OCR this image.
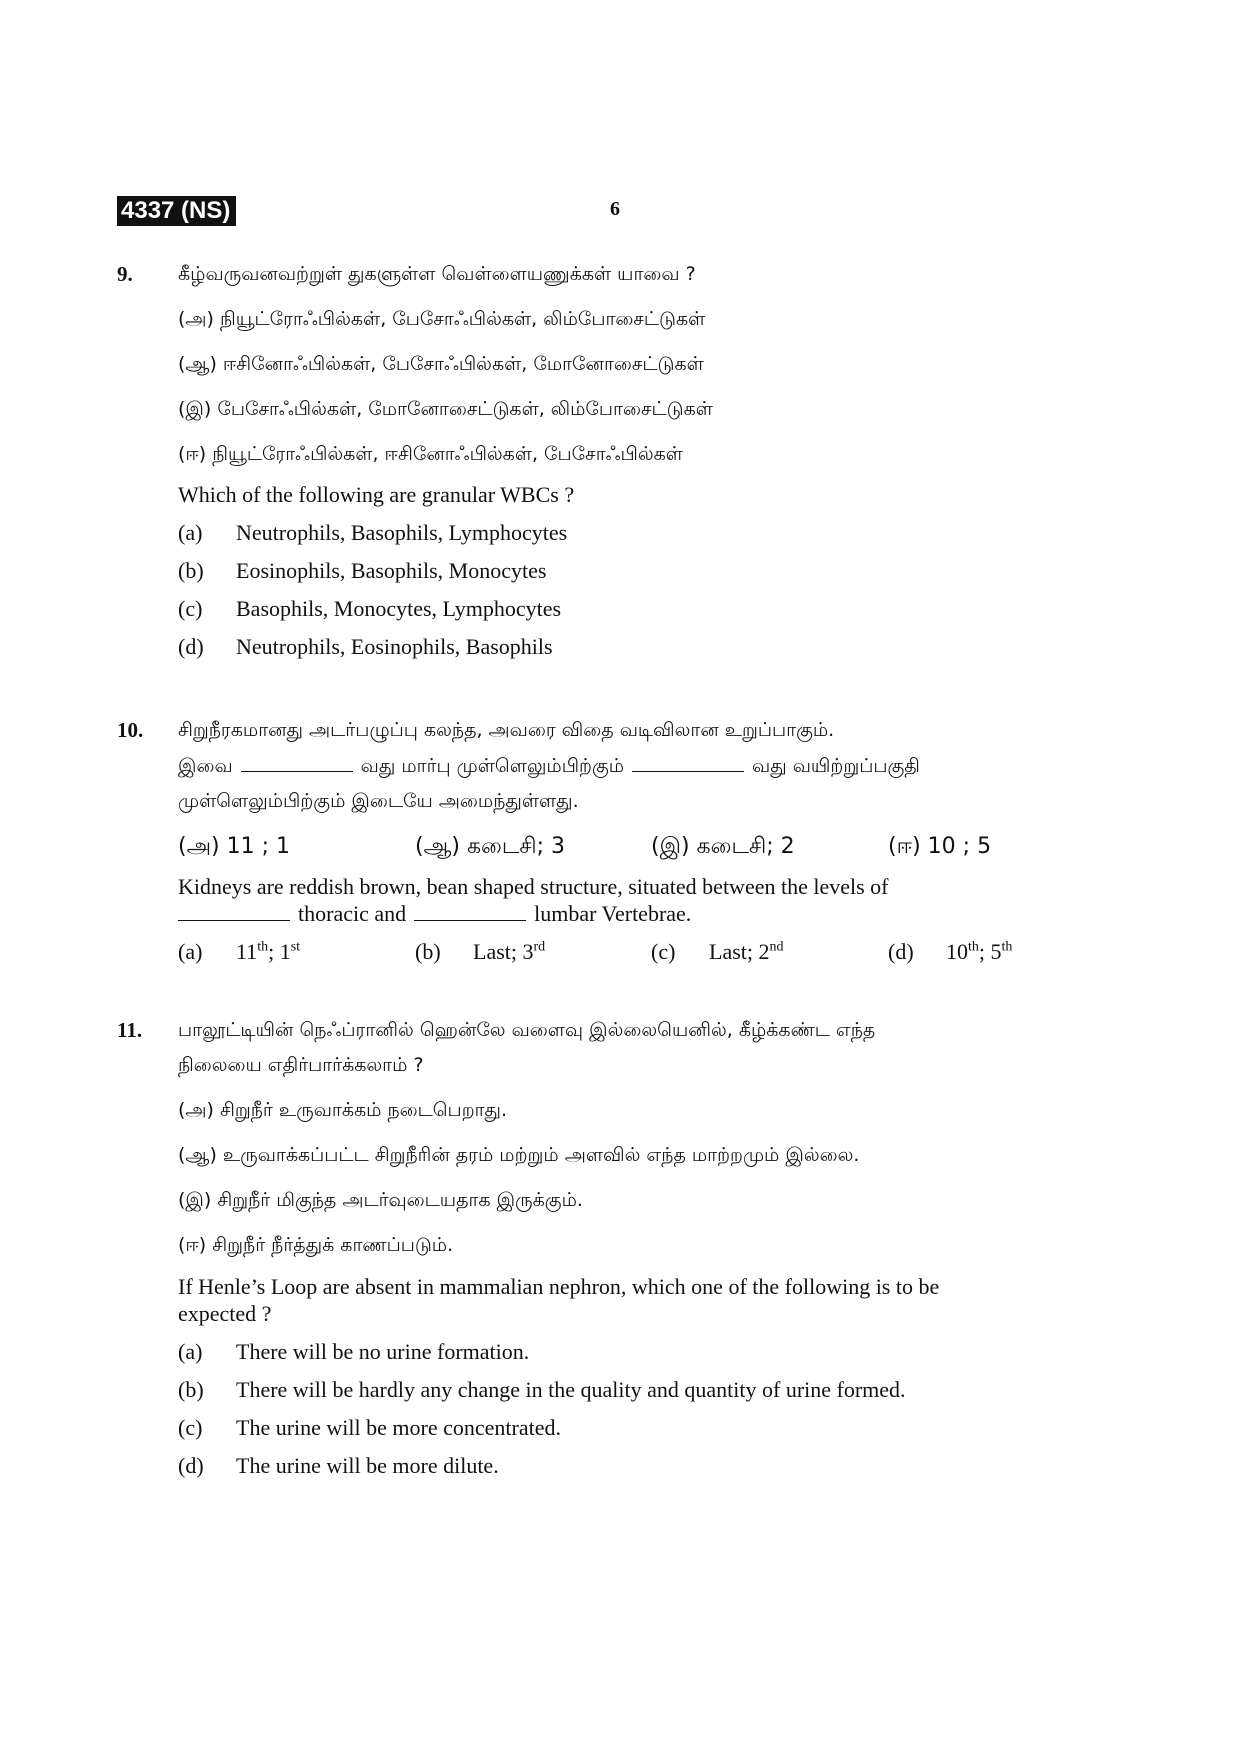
4337 (NS)	6
9. கீழ்வருவனவற்றுள் துகளுள்ள வெள்ளையணுக்கள் யாவை ?
(அ) நியூட்ரோஃபில்கள், பேசோஃபில்கள், லிம்போசைட்டுகள்
(ஆ) ஈசினோஃபில்கள், பேசோஃபில்கள், மோனோசைட்டுகள்
(இ) பேசோஃபில்கள், மோனோசைட்டுகள், லிம்போசைட்டுகள்
(ஈ) நியூட்ரோஃபில்கள், ஈசினோஃபில்கள், பேசோஃபில்கள்
Which of the following are granular WBCs ?
(a) Neutrophils, Basophils, Lymphocytes
(b) Eosinophils, Basophils, Monocytes
(c) Basophils, Monocytes, Lymphocytes
(d) Neutrophils, Eosinophils, Basophils
10. சிறுநீரகமானது அடர்பழுப்பு கலந்த, அவரை விதை வடிவிலான உறுப்பாகும்.
இவை	வது மார்பு முள்ளெலும்பிற்கும்	வது வயிற்றுப்பகுதி
முள்ளெலும்பிற்கும் இடையே அமைந்துள்ளது.
(அ) 11 ; 1	(ஆ) கடைசி; 3	(இ) கடைசி; 2	(ஈ) 10 ; 5
Kidneys are reddish brown, bean shaped structure, situated between the levels of
thoracic and	lumbar Vertebrae.
(a) 11th; 1st	(b) Last; 3rd	(c) Last; 2nd	(d) 10th; 5th
11. பாலூட்டியின் நெஃப்ரானில் ஹென்லே வளைவு இல்லையெனில், கீழ்க்கண்ட எந்த
நிலையை எதிர்பார்க்கலாம் ?
(அ) சிறுநீர் உருவாக்கம் நடைபெறாது.
(ஆ) உருவாக்கப்பட்ட சிறுநீரின் தரம் மற்றும் அளவில் எந்த மாற்றமும் இல்லை.
(இ) சிறுநீர் மிகுந்த அடர்வுடையதாக இருக்கும்.
(ஈ) சிறுநீர் நீர்த்துக் காணப்படும்.
If Henle’s Loop are absent in mammalian nephron, which one of the following is to be
expected ?
(a) There will be no urine formation.
(b) There will be hardly any change in the quality and quantity of urine formed.
(c) The urine will be more concentrated.
(d) The urine will be more dilute.
